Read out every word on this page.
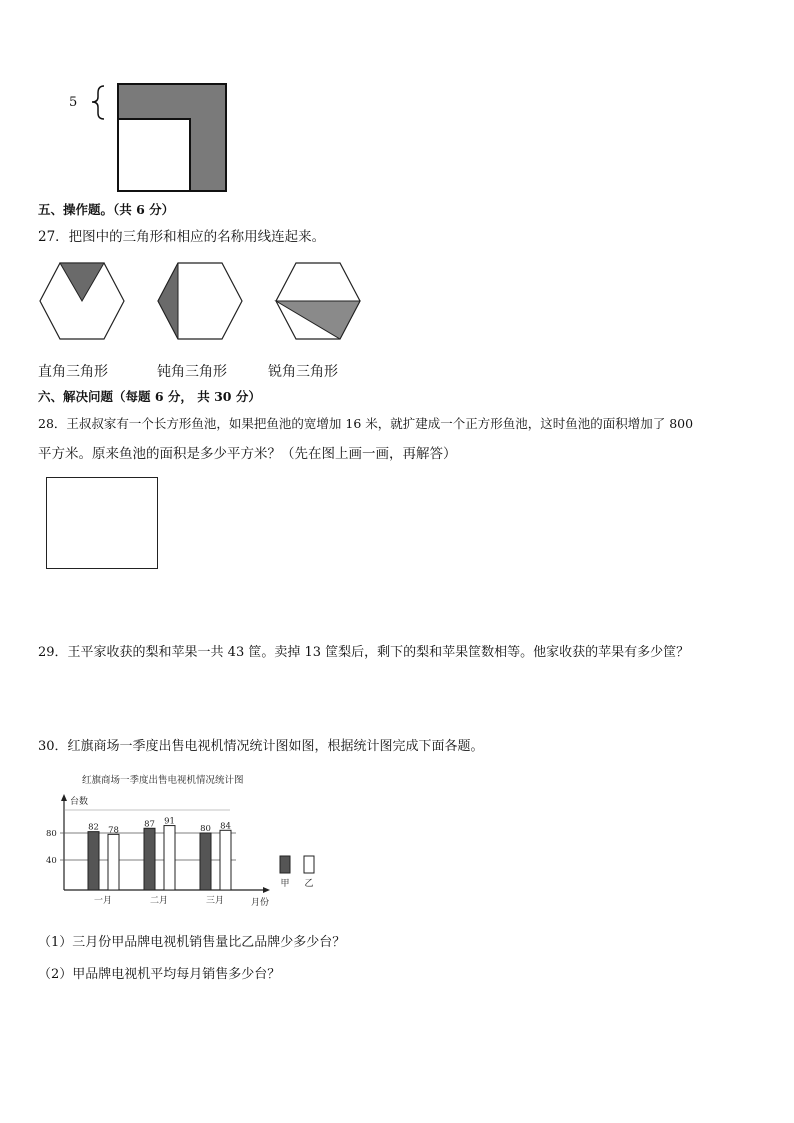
5
五、操作题。（共 6 分）
27．把图中的三角形和相应的名称用线连起来。
直角三角形	钝角三角形	锐角三角形
六、解决问题（每题 6 分， 共 30 分）
28．王叔叔家有一个长方形鱼池，如果把鱼池的宽增加 16 米，就扩建成一个正方形鱼池，这时鱼池的面积增加了 800
平方米。原来鱼池的面积是多少平方米？（先在图上画一画，再解答）
29．王平家收获的梨和苹果一共 43 筐。卖掉 13 筐梨后，剩下的梨和苹果筐数相等。他家收获的苹果有多少筐？
30．红旗商场一季度出售电视机情况统计图如图，根据统计图完成下面各题。
红旗商场一季度出售电视机情况统计图
台数
月份
40
80
82 78
一月
87 91
二月
80 84
三月
甲 乙
（1）三月份甲品牌电视机销售量比乙品牌少多少台？
（2）甲品牌电视机平均每月销售多少台？
